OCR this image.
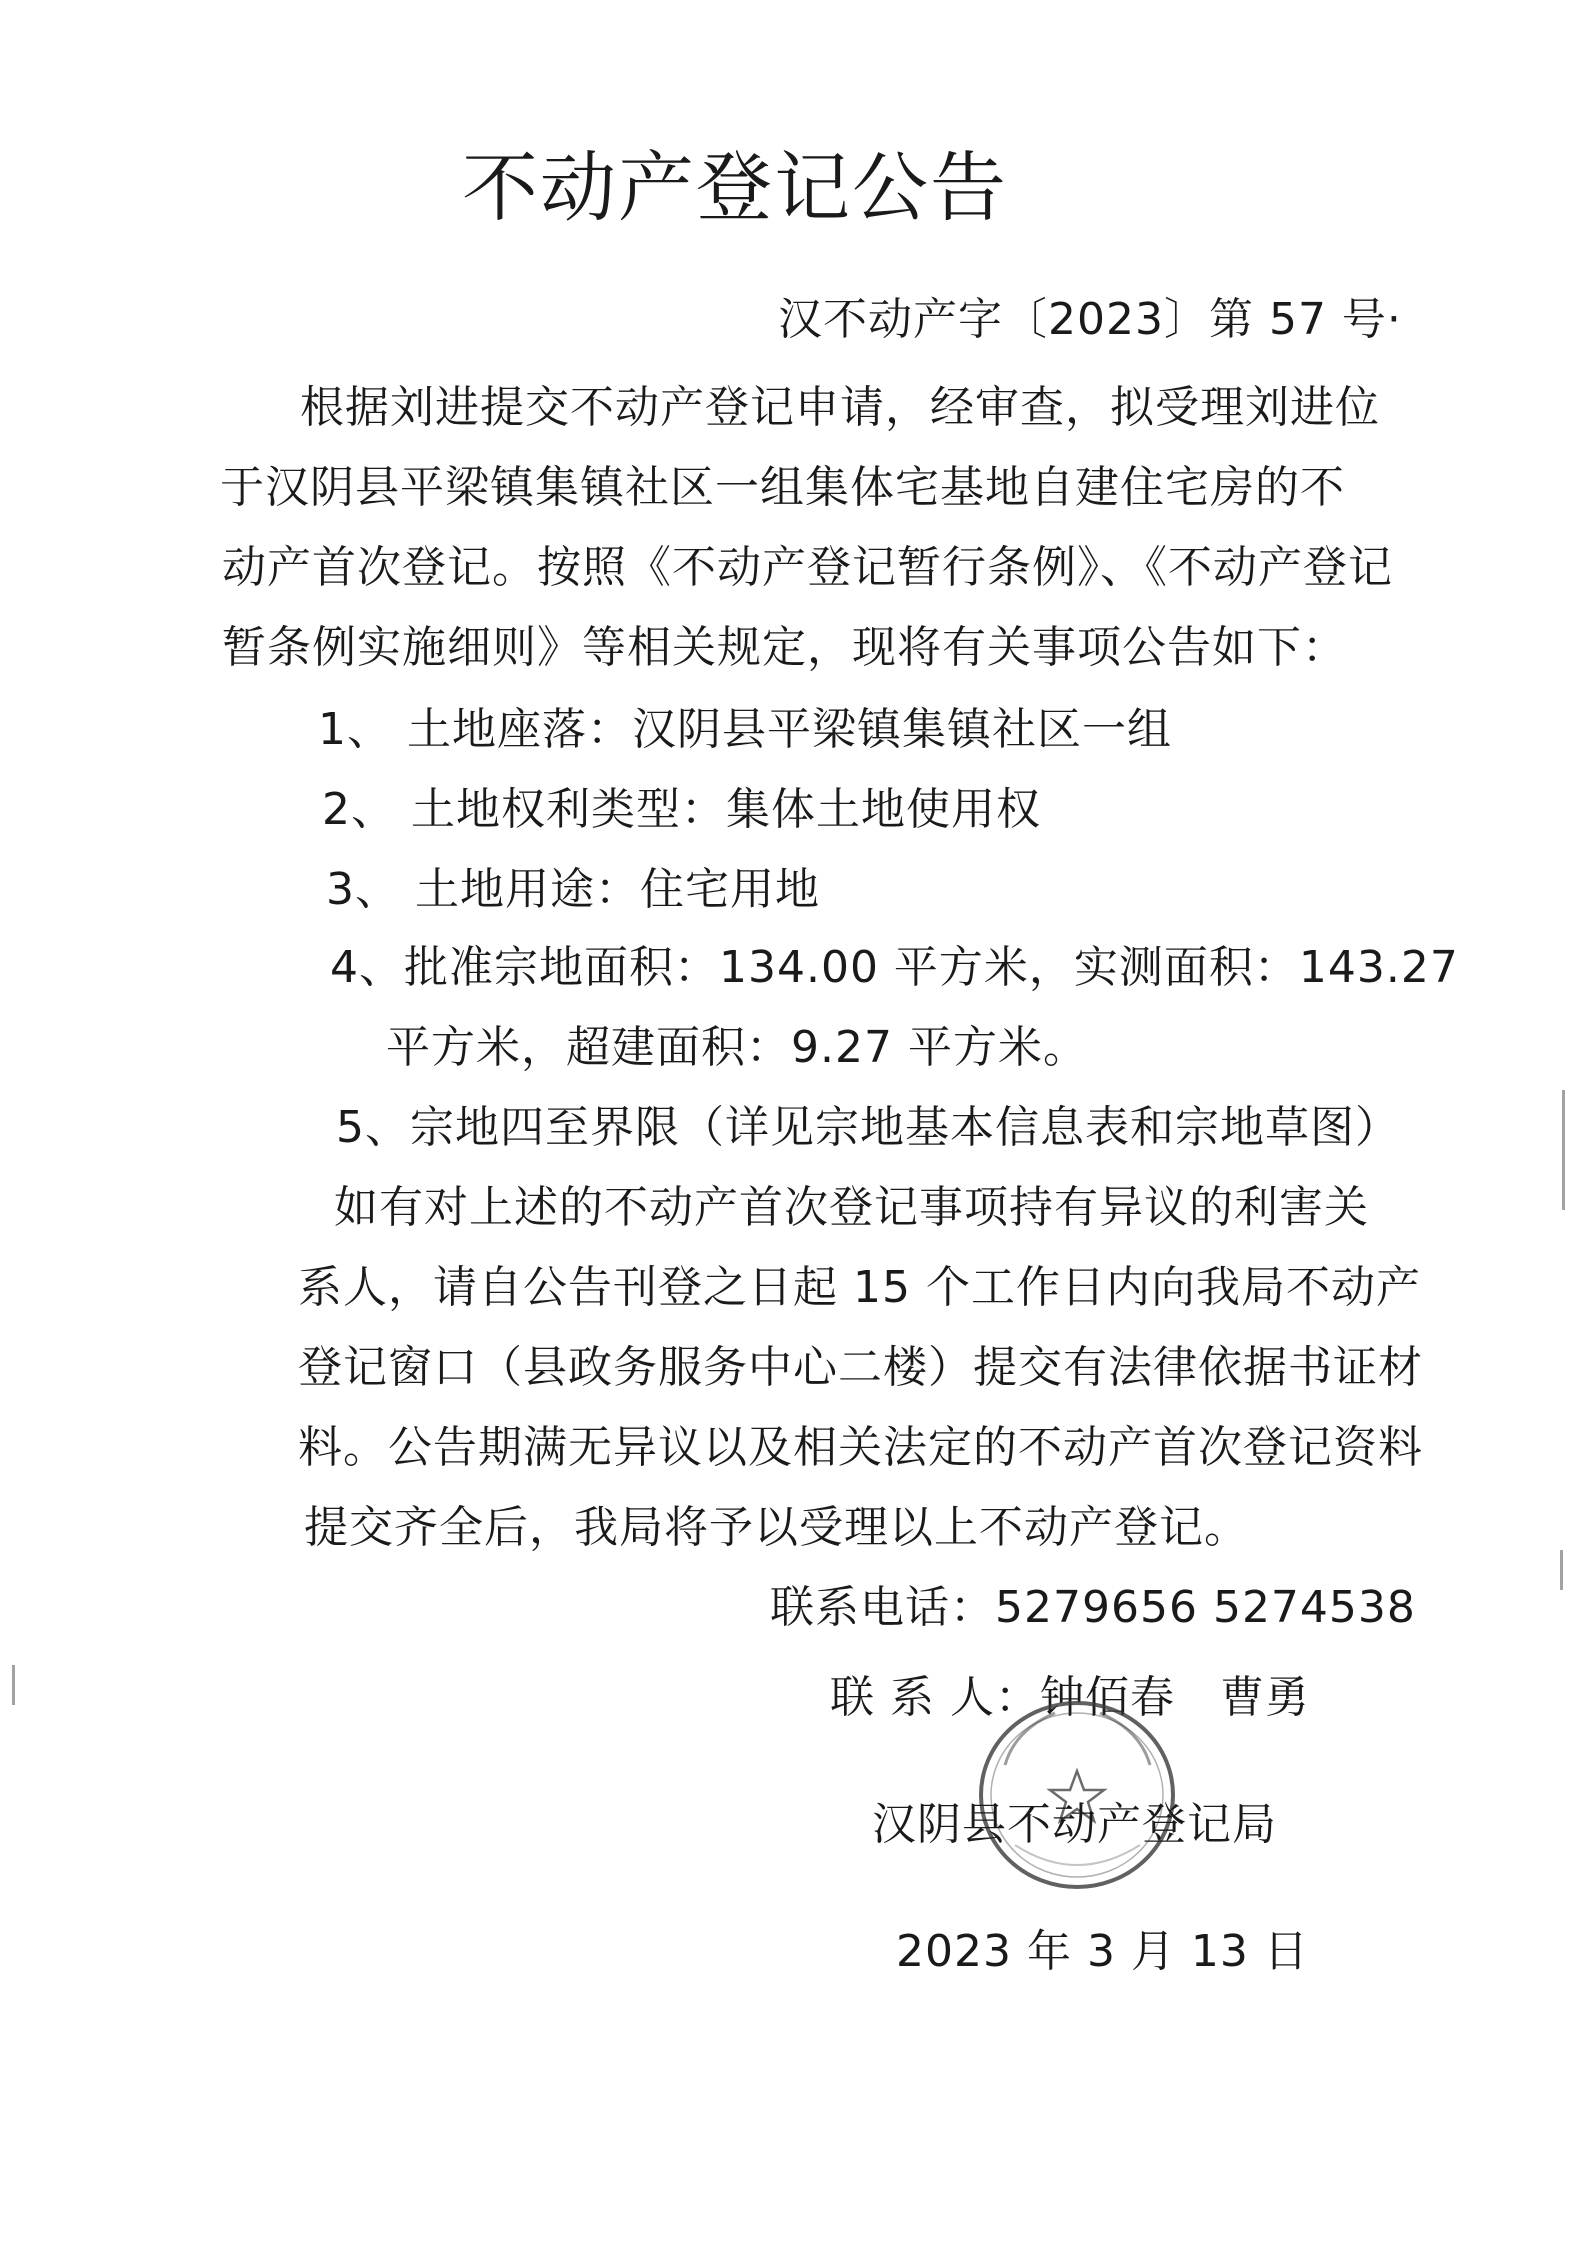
不动产登记公告
汉不动产字〔2023〕第 57 号·
根据刘进提交不动产登记申请，经审查，拟受理刘进位
于汉阴县平梁镇集镇社区一组集体宅基地自建住宅房的不
动产首次登记。按照《不动产登记暂行条例》、《不动产登记
暂条例实施细则》等相关规定，现将有关事项公告如下：
1、 土地座落：汉阴县平梁镇集镇社区一组
2、 土地权利类型：集体土地使用权
3、 土地用途：住宅用地
4、批准宗地面积：134.00 平方米，实测面积：143.27
平方米，超建面积：9.27 平方米。
5、宗地四至界限（详见宗地基本信息表和宗地草图）
如有对上述的不动产首次登记事项持有异议的利害关
系人，请自公告刊登之日起 15 个工作日内向我局不动产
登记窗口（县政务服务中心二楼）提交有法律依据书证材
料。公告期满无异议以及相关法定的不动产首次登记资料
提交齐全后，我局将予以受理以上不动产登记。
联系电话：5279656 5274538
联 系 人：钟佰春　曹勇
汉阴县不动产登记局
2023 年 3 月 13 日
